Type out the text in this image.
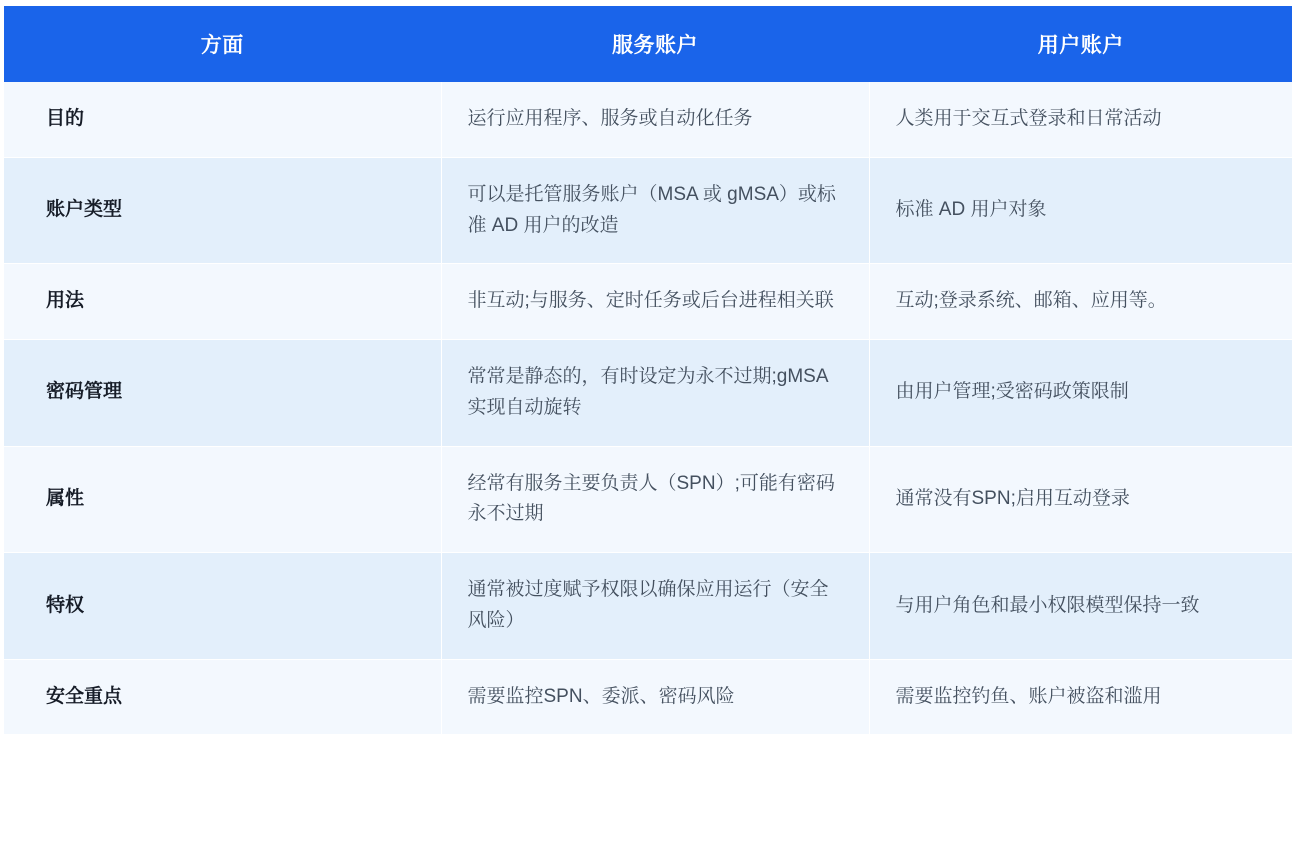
方面	服务账户	用户账户
目的	运行应用程序、服务或自动化任务	人类用于交互式登录和日常活动
账户类型	可以是托管服务账户（MSA 或 gMSA）或标准 AD 用户的改造	标准 AD 用户对象
用法	非互动;与服务、定时任务或后台进程相关联	互动;登录系统、邮箱、应用等。
密码管理	常常是静态的，有时设定为永不过期;gMSA实现自动旋转	由用户管理;受密码政策限制
属性	经常有服务主要负责人（SPN）;可能有密码永不过期	通常没有SPN;启用互动登录
特权	通常被过度赋予权限以确保应用运行（安全风险）	与用户角色和最小权限模型保持一致
安全重点	需要监控SPN、委派、密码风险	需要监控钓鱼、账户被盗和滥用
